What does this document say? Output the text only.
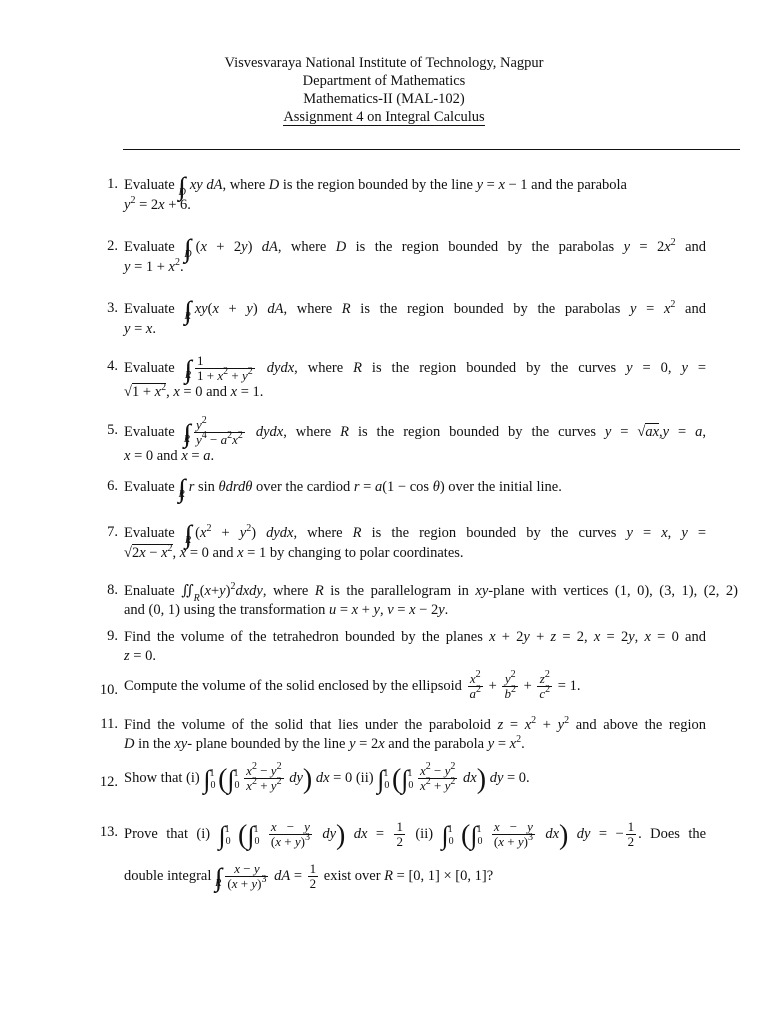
Visvesvaraya National Institute of Technology, Nagpur
Department of Mathematics
Mathematics-II (MAL-102)
Assignment 4 on Integral Calculus
1. Evaluate $\int\int_D$ xy dA, where D is the region bounded by the line y = x − 1 and the parabola
$y^2 = 2x + 6$.
2. Evaluate $\int\int_D$ (x + 2y) dA, where D is the region bounded by the parabolas $y = 2x^2$ and
$y = 1 + x^2$.
3. Evaluate $\int\int_R$ xy(x + y) dA, where R is the region bounded by the parabolas $y = x^2$ and
y = x.
4. Evaluate $\int\int_R \frac{1}{1 + x^2 + y^2}$ dydx, where R is the region bounded by the curves y = 0, y =
$√1 + x^2$, x = 0 and x = 1.
5. Evaluate $\int\int_R \frac{y^2}{y^4 - a^2x^2}$ dydx, where R is the region bounded by the curves y = √ax,y = a,
x = 0 and x = a.
6. Evaluate $\int\int_R$ r sin θdrdθ over the cardiod r = a(1 − cos θ) over the initial line.
7. Evaluate $\int\int_R$ $(x^2 + y^2)$ dydx, where R is the region bounded by the curves y = x, y =
$√2x - x^2$, x = 0 and x = 1 by changing to polar coordinates.
8. Enaluate $∬_R(x+y)^2dxdy$, where R is the parallelogram in xy-plane with vertices (1, 0), (3, 1), (2, 2)
and (0, 1) using the transformation u = x + y, v = x − 2y.
9. Find the volume of the tetrahedron bounded by the planes x + 2y + z = 2, x = 2y, x = 0 and
z = 0.
10. Compute the volume of the solid enclosed by the ellipsoid $\frac{x^2}{a^2} + \frac{y^2}{b^2} + \frac{z^2}{c^2} = 1$.
11. Find the volume of the solid that lies under the paraboloid $z = x^2 + y^2$ and above the region
D in the xy- plane bounded by the line y = 2x and the parabola $y = x^2$.
12. Show that (i) $\int_0^1$ $(\int_0^1 \frac{x^2 - y^2}{x^2 + y^2} dy)$ dx = 0 (ii) $\int_0^1$ $(\int_0^1 \frac{x^2 - y^2}{x^2 + y^2} dx)$ dy = 0.
13. Prove that (i) $\int_0^1$ $(\int_0^1 \frac{x - y}{(x + y)^3} dy)$ dx = $\frac{1}{2} (ii)$ $\int_0^1$ $(\int_0^1 \frac{x - y}{(x + y)^3} dx)$ dy = − $\frac{1}{2}$ . Does the
double integral $\int\int_R \frac{x - y}{(x + y)^3}$ dA = $\frac{1}{2}$ exist over R = [0, 1] × [0, 1]?
